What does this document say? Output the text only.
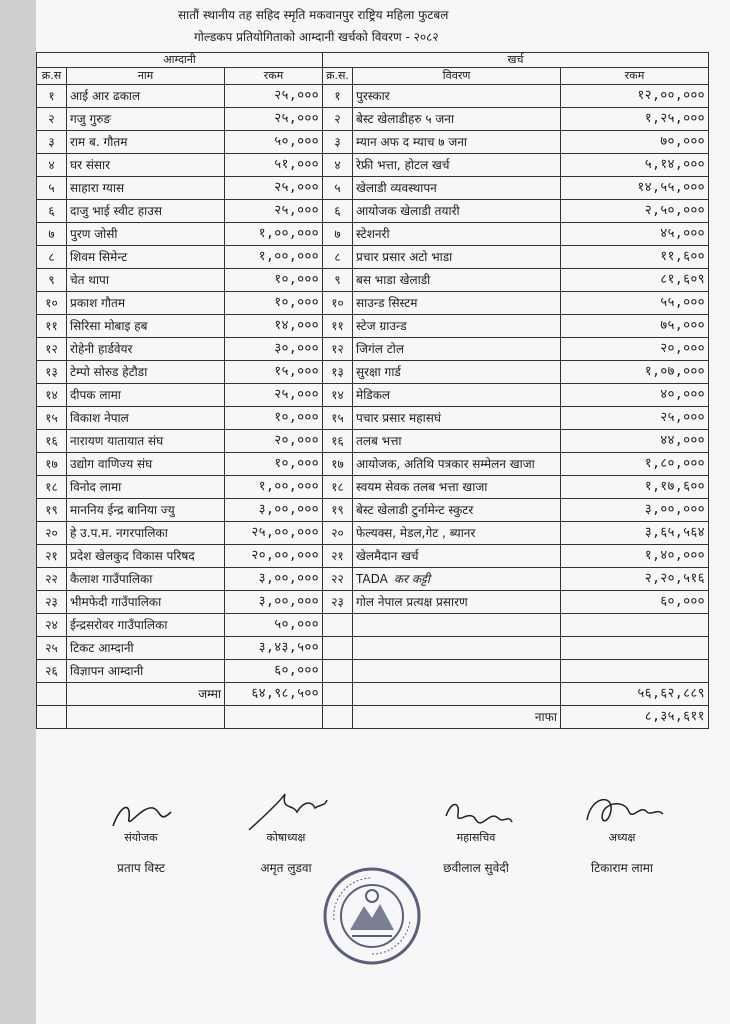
सातौं स्थानीय तह सहिद स्मृति मकवानपुर राष्ट्रिय महिला फुटबल
गोल्डकप प्रतियोगिताको आम्दानी खर्चको विवरण - २०८२
आम्दानी			खर्च		
क्र.स	नाम	रकम	क्र.स.	विवरण	रकम
१	आई आर ढकाल	२५,०००	१	पुरस्कार	१२,००,०००
२	गजु गुरुङ	२५,०००	२	बेस्ट खेलाडीहरु ५ जना	१,२५,०००
३	राम ब. गौतम	५०,०००	३	म्यान अफ द म्याच ७ जना	७०,०००
४	घर संसार	५१,०००	४	रेफ्री भत्ता, होटल खर्च	५,१४,०००
५	साहारा ग्यास	२५,०००	५	खेलाडी व्यवस्थापन	१४,५५,०००
६	दाजु भाई स्वीट हाउस	२५,०००	६	आयोजक खेलाडी तयारी	२,५०,०००
७	पुरण जोसी	१,००,०००	७	स्टेशनरी	४५,०००
८	शिवम सिमेन्ट	१,००,०००	८	प्रचार प्रसार अटो भाडा	११,६००
९	चेत थापा	१०,०००	९	बस भाडा खेलाडी	८१,६०९
१०	प्रकाश गौतम	१०,०००	१०	साउन्ड सिस्टम	५५,०००
११	सिरिसा मोबाइ हब	१४,०००	११	स्टेज ग्राउन्ड	७५,०००
१२	रोहेनी हार्डवेयर	३०,०००	१२	जिगंल टोल	२०,०००
१३	टेम्पो सोरुड हेटौडा	१५,०००	१३	सुरक्षा गार्ड	१,०७,०००
१४	दीपक लामा	२५,०००	१४	मेडिकल	४०,०००
१५	विकाश नेपाल	१०,०००	१५	पचार प्रसार महासघं	२५,०००
१६	नारायण यातायात संघ	२०,०००	१६	तलब भत्ता	४४,०००
१७	उद्योग वाणिज्य संघ	१०,०००	१७	आयोजक, अतिथि पत्रकार सम्मेलन खाजा	१,८०,०००
१८	विनोद लामा	१,००,०००	१८	स्वयम सेवक तलब भत्ता खाजा	१,१७,६००
१९	माननिय ईन्द्र बानिया ज्यु	३,००,०००	१९	बेस्ट खेलाडी टुर्नामेन्ट स्कुटर	३,००,०००
२०	हे उ.प.म. नगरपालिका	२५,००,०००	२०	फेल्यक्स, मेडल,गेट , ब्यानर	३,६५,५६४
२१	प्रदेश खेलकुद विकास परिषद	२०,००,०००	२१	खेलमैदान खर्च	१,४०,०००
२२	कैलाश गाउँपालिका	३,००,०००	२२	TADA कर कट्टी	२,२०,५१६
२३	भीमफेदी गाउँपालिका	३,००,०००	२३	गोल नेपाल प्रत्यक्ष प्रसारण	६०,०००
२४	ईन्द्रसरोवर गाउँपालिका	५०,०००			
२५	टिकट आम्दानी	३,४३,५००			
२६	विज्ञापन आम्दानी	६०,०००			
	जम्मा	६४,९८,५००			५६,६२,८८९
				नाफा	८,३५,६११
संयोजक
प्रताप विस्ट
कोषाध्यक्ष
अमृत लुडवा
महासचिव
छवीलाल सुवेदी
अध्यक्ष
टिकाराम लामा
